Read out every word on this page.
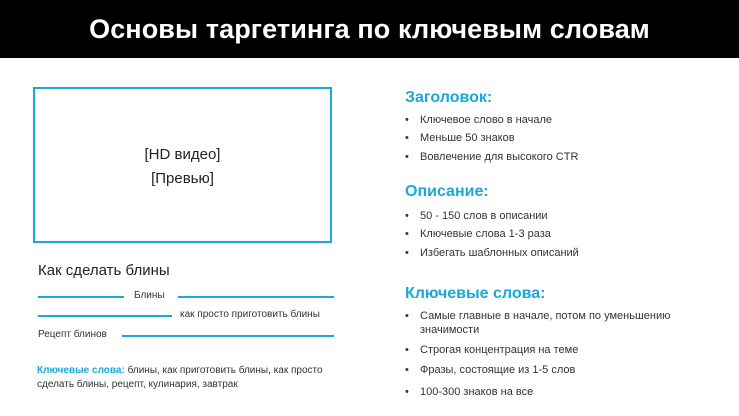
Основы таргетинга по ключевым словам
[HD видео]
[Превью]
Как сделать блины
Блины
как просто приготовить блины
Рецепт блинов
Ключевые слова: блины, как приготовить блины, как просто сделать блины, рецепт, кулинария, завтрак
Заголовок:
• Ключевое слово в начале
• Меньше 50 знаков
• Вовлечение для высокого CTR
Описание:
• 50 - 150 слов в описании
• Ключевые слова 1-3 раза
• Избегать шаблонных описаний
Ключевые слова:
• Самые главные в начале, потом по уменьшению значимости
• Строгая концентрация на теме
• Фразы, состоящие из 1-5 слов
• 100-300 знаков на все
